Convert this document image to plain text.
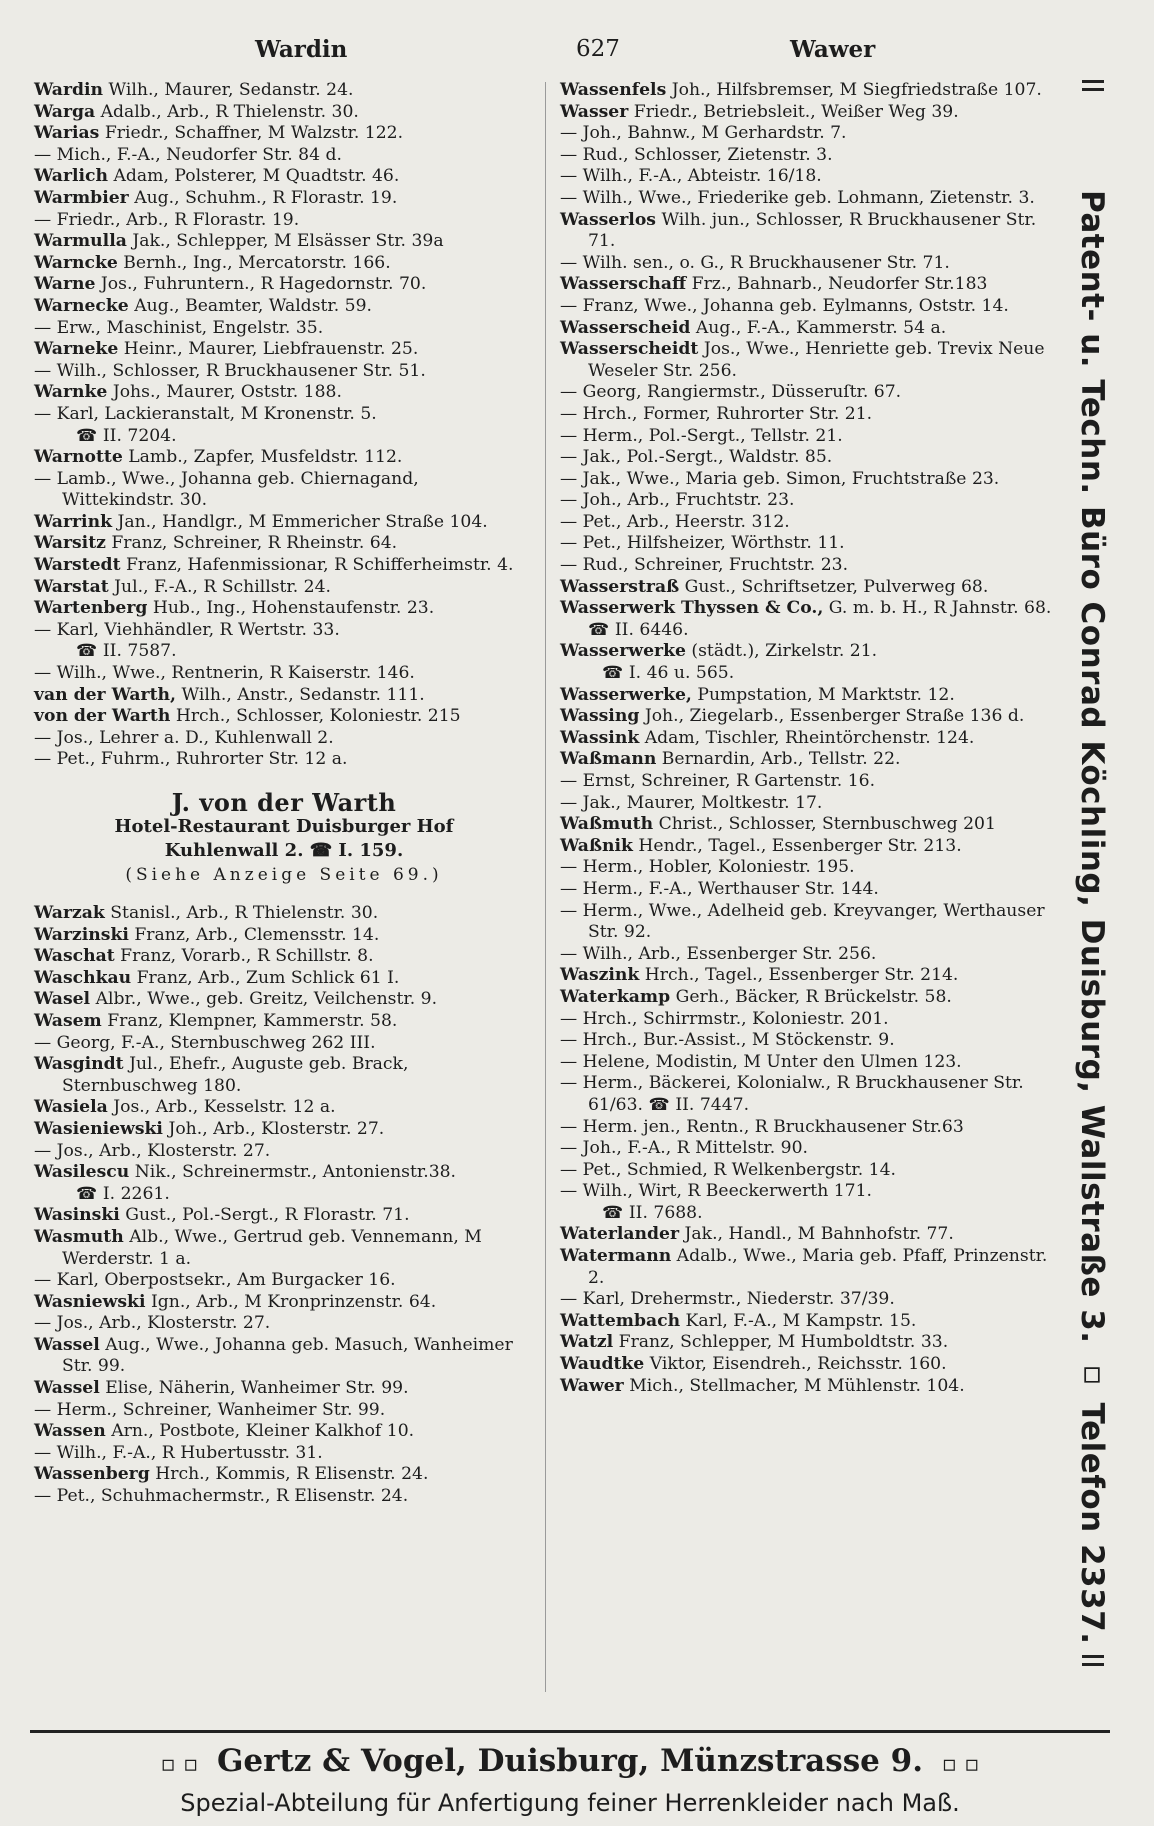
Wardin	627	Wawer

Wardin Wilh., Maurer, Sedanstr. 24.

Warga Adalb., Arb., R Thielenstr. 30.

Warias Friedr., Schaffner, M Walzstr. 122.

— Mich., F.-A., Neudorfer Str. 84 d.

Warlich Adam, Polsterer, M Quadtstr. 46.

Warmbier Aug., Schuhm., R Florastr. 19.

— Friedr., Arb., R Florastr. 19.

Warmulla Jak., Schlepper, M Elsässer Str. 39a

Warncke Bernh., Ing., Mercatorstr. 166.

Warne Jos., Fuhruntern., R Hagedornstr. 70.

Warnecke Aug., Beamter, Waldstr. 59.

— Erw., Maschinist, Engelstr. 35.

Warneke Heinr., Maurer, Liebfrauenstr. 25.

— Wilh., Schlosser, R Bruckhausener Str. 51.

Warnke Johs., Maurer, Oststr. 188.

— Karl, Lackieranstalt, M Kronenstr. 5.

☎ II. 7204.

Warnotte Lamb., Zapfer, Musfeldstr. 112.

— Lamb., Wwe., Johanna geb. Chiernagand, Wittekindstr. 30.

Warrink Jan., Handlgr., M Emmericher Straße 104.

Warsitz Franz, Schreiner, R Rheinstr. 64.

Warstedt Franz, Hafenmissionar, R Schifferheimstr. 4.

Warstat Jul., F.-A., R Schillstr. 24.

Wartenberg Hub., Ing., Hohenstaufenstr. 23.

— Karl, Viehhändler, R Wertstr. 33.

☎ II. 7587.

— Wilh., Wwe., Rentnerin, R Kaiserstr. 146.

van der Warth, Wilh., Anstr., Sedanstr. 111.

von der Warth Hrch., Schlosser, Koloniestr. 215

— Jos., Lehrer a. D., Kuhlenwall 2.

— Pet., Fuhrm., Ruhrorter Str. 12 a.

J. von der Warth
Hotel-Restaurant Duisburger Hof
Kuhlenwall 2. ☎ I. 159.
(Siehe Anzeige Seite 69.)

Warzak Stanisl., Arb., R Thielenstr. 30.

Warzinski Franz, Arb., Clemensstr. 14.

Waschat Franz, Vorarb., R Schillstr. 8.

Waschkau Franz, Arb., Zum Schlick 61 I.

Wasel Albr., Wwe., geb. Greitz, Veilchenstr. 9.

Wasem Franz, Klempner, Kammerstr. 58.

— Georg, F.-A., Sternbuschweg 262 III.

Wasgindt Jul., Ehefr., Auguste geb. Brack, Sternbuschweg 180.

Wasiela Jos., Arb., Kesselstr. 12 a.

Wasieniewski Joh., Arb., Klosterstr. 27.

— Jos., Arb., Klosterstr. 27.

Wasilescu Nik., Schreinermstr., Antonienstr.38.

☎ I. 2261.

Wasinski Gust., Pol.-Sergt., R Florastr. 71.

Wasmuth Alb., Wwe., Gertrud geb. Vennemann, M Werderstr. 1 a.

— Karl, Oberpostsekr., Am Burgacker 16.

Wasniewski Ign., Arb., M Kronprinzenstr. 64.

— Jos., Arb., Klosterstr. 27.

Wassel Aug., Wwe., Johanna geb. Masuch, Wanheimer Str. 99.

Wassel Elise, Näherin, Wanheimer Str. 99.

— Herm., Schreiner, Wanheimer Str. 99.

Wassen Arn., Postbote, Kleiner Kalkhof 10.

— Wilh., F.-A., R Hubertusstr. 31.

Wassenberg Hrch., Kommis, R Elisenstr. 24.

— Pet., Schuhmachermstr., R Elisenstr. 24.

Wassenfels Joh., Hilfsbremser, M Siegfriedstraße 107.

Wasser Friedr., Betriebsleit., Weißer Weg 39.

— Joh., Bahnw., M Gerhardstr. 7.

— Rud., Schlosser, Zietenstr. 3.

— Wilh., F.-A., Abteistr. 16/18.

— Wilh., Wwe., Friederike geb. Lohmann, Zietenstr. 3.

Wasserlos Wilh. jun., Schlosser, R Bruckhausener Str. 71.

— Wilh. sen., o. G., R Bruckhausener Str. 71.

Wasserschaff Frz., Bahnarb., Neudorfer Str.183

— Franz, Wwe., Johanna geb. Eylmanns, Oststr. 14.

Wasserscheid Aug., F.-A., Kammerstr. 54 a.

Wasserscheidt Jos., Wwe., Henriette geb. Trevix Neue Weseler Str. 256.

— Georg, Rangiermstr., Düsseruſtr. 67.

— Hrch., Former, Ruhrorter Str. 21.

— Herm., Pol.-Sergt., Tellstr. 21.

— Jak., Pol.-Sergt., Waldstr. 85.

— Jak., Wwe., Maria geb. Simon, Fruchtstraße 23.

— Joh., Arb., Fruchtstr. 23.

— Pet., Arb., Heerstr. 312.

— Pet., Hilfsheizer, Wörthstr. 11.

— Rud., Schreiner, Fruchtstr. 23.

Wasserstraß Gust., Schriftsetzer, Pulverweg 68.

Wasserwerk Thyssen & Co., G. m. b. H., R Jahnstr. 68. ☎ II. 6446.

Wasserwerke (städt.), Zirkelstr. 21.

☎ I. 46 u. 565.

Wasserwerke, Pumpstation, M Marktstr. 12.

Wassing Joh., Ziegelarb., Essenberger Straße 136 d.

Wassink Adam, Tischler, Rheintörchenstr. 124.

Waßmann Bernardin, Arb., Tellstr. 22.

— Ernst, Schreiner, R Gartenstr. 16.

— Jak., Maurer, Moltkestr. 17.

Waßmuth Christ., Schlosser, Sternbuschweg 201

Waßnik Hendr., Tagel., Essenberger Str. 213.

— Herm., Hobler, Koloniestr. 195.

— Herm., F.-A., Werthauser Str. 144.

— Herm., Wwe., Adelheid geb. Kreyvanger, Werthauser Str. 92.

— Wilh., Arb., Essenberger Str. 256.

Waszink Hrch., Tagel., Essenberger Str. 214.

Waterkamp Gerh., Bäcker, R Brückelstr. 58.

— Hrch., Schirrmstr., Koloniestr. 201.

— Hrch., Bur.-Assist., M Stöckenstr. 9.

— Helene, Modistin, M Unter den Ulmen 123.

— Herm., Bäckerei, Kolonialw., R Bruckhausener Str. 61/63. ☎ II. 7447.

— Herm. jen., Rentn., R Bruckhausener Str.63

— Joh., F.-A., R Mittelstr. 90.

— Pet., Schmied, R Welkenbergstr. 14.

— Wilh., Wirt, R Beeckerwerth 171.

☎ II. 7688.

Waterlander Jak., Handl., M Bahnhofstr. 77.

Watermann Adalb., Wwe., Maria geb. Pfaff, Prinzenstr. 2.

— Karl, Drehermstr., Niederstr. 37/39.

Wattembach Karl, F.-A., M Kampstr. 15.

Watzl Franz, Schlepper, M Humboldtstr. 33.

Waudtke Viktor, Eisendreh., Reichsstr. 160.

Wawer Mich., Stellmacher, M Mühlenstr. 104.	Patent- u. Techn. Büro Conrad Köchling, Duisburg, Wallstraße 3. ▫ Telefon 2337.
▫ ▫ Gertz & Vogel, Duisburg, Münzstrasse 9. ▫ ▫
Spezial-Abteilung für Anfertigung feiner Herrenkleider nach Maß.
